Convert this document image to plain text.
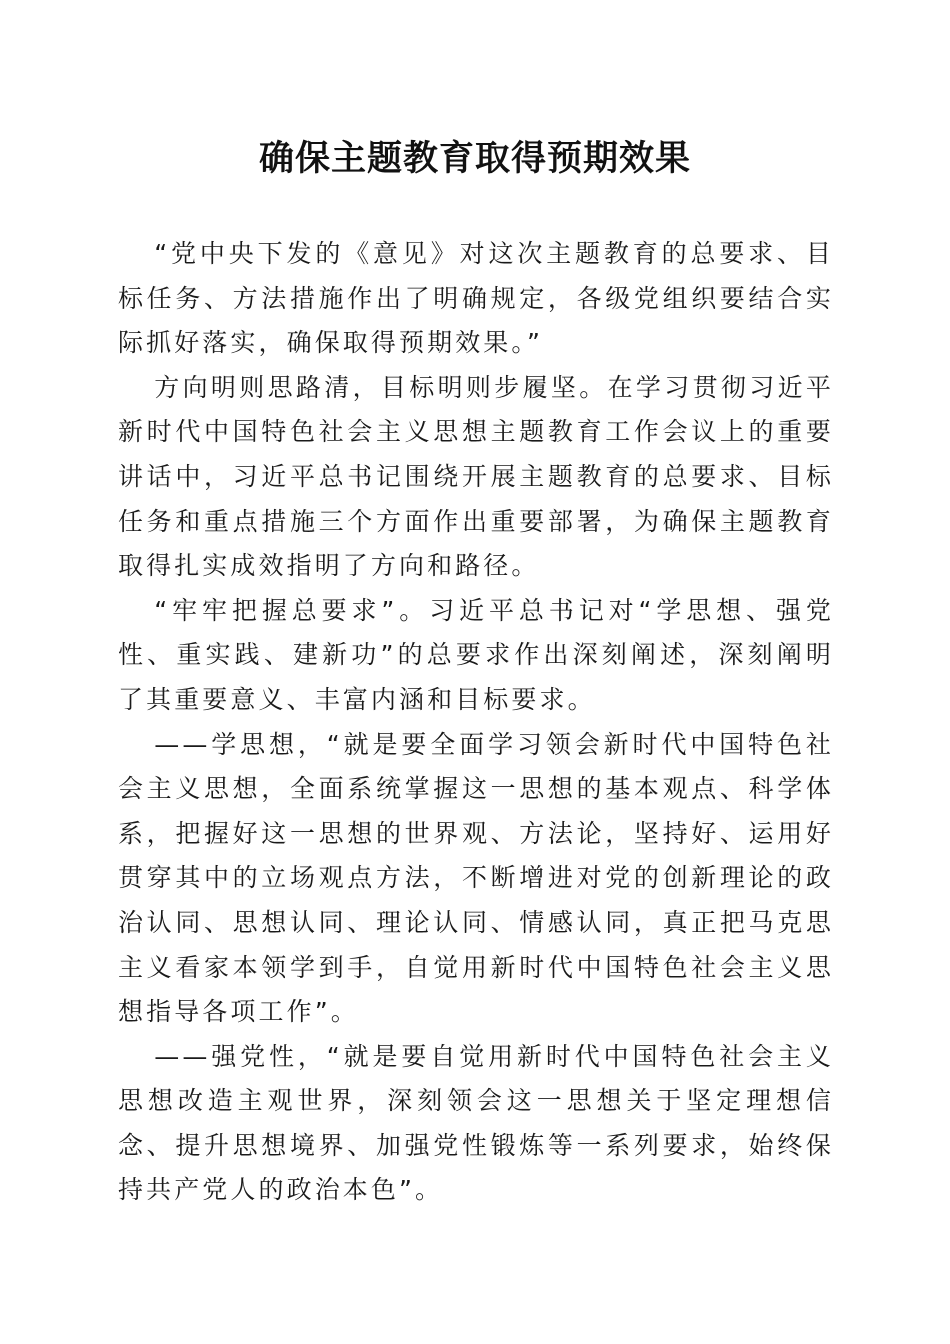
确保主题教育取得预期效果

“党中央下发的《意见》对这次主题教育的总要求、目标任务、方法措施作出了明确规定，各级党组织要结合实际抓好落实，确保取得预期效果。”

方向明则思路清，目标明则步履坚。在学习贯彻习近平新时代中国特色社会主义思想主题教育工作会议上的重要讲话中，习近平总书记围绕开展主题教育的总要求、目标任务和重点措施三个方面作出重要部署，为确保主题教育取得扎实成效指明了方向和路径。

“牢牢把握总要求”。习近平总书记对“学思想、强党性、重实践、建新功”的总要求作出深刻阐述，深刻阐明了其重要意义、丰富内涵和目标要求。

——学思想，“就是要全面学习领会新时代中国特色社会主义思想，全面系统掌握这一思想的基本观点、科学体系，把握好这一思想的世界观、方法论，坚持好、运用好贯穿其中的立场观点方法，不断增进对党的创新理论的政治认同、思想认同、理论认同、情感认同，真正把马克思主义看家本领学到手，自觉用新时代中国特色社会主义思想指导各项工作”。

——强党性，“就是要自觉用新时代中国特色社会主义思想改造主观世界，深刻领会这一思想关于坚定理想信念、提升思想境界、加强党性锻炼等一系列要求，始终保持共产党人的政治本色”。
